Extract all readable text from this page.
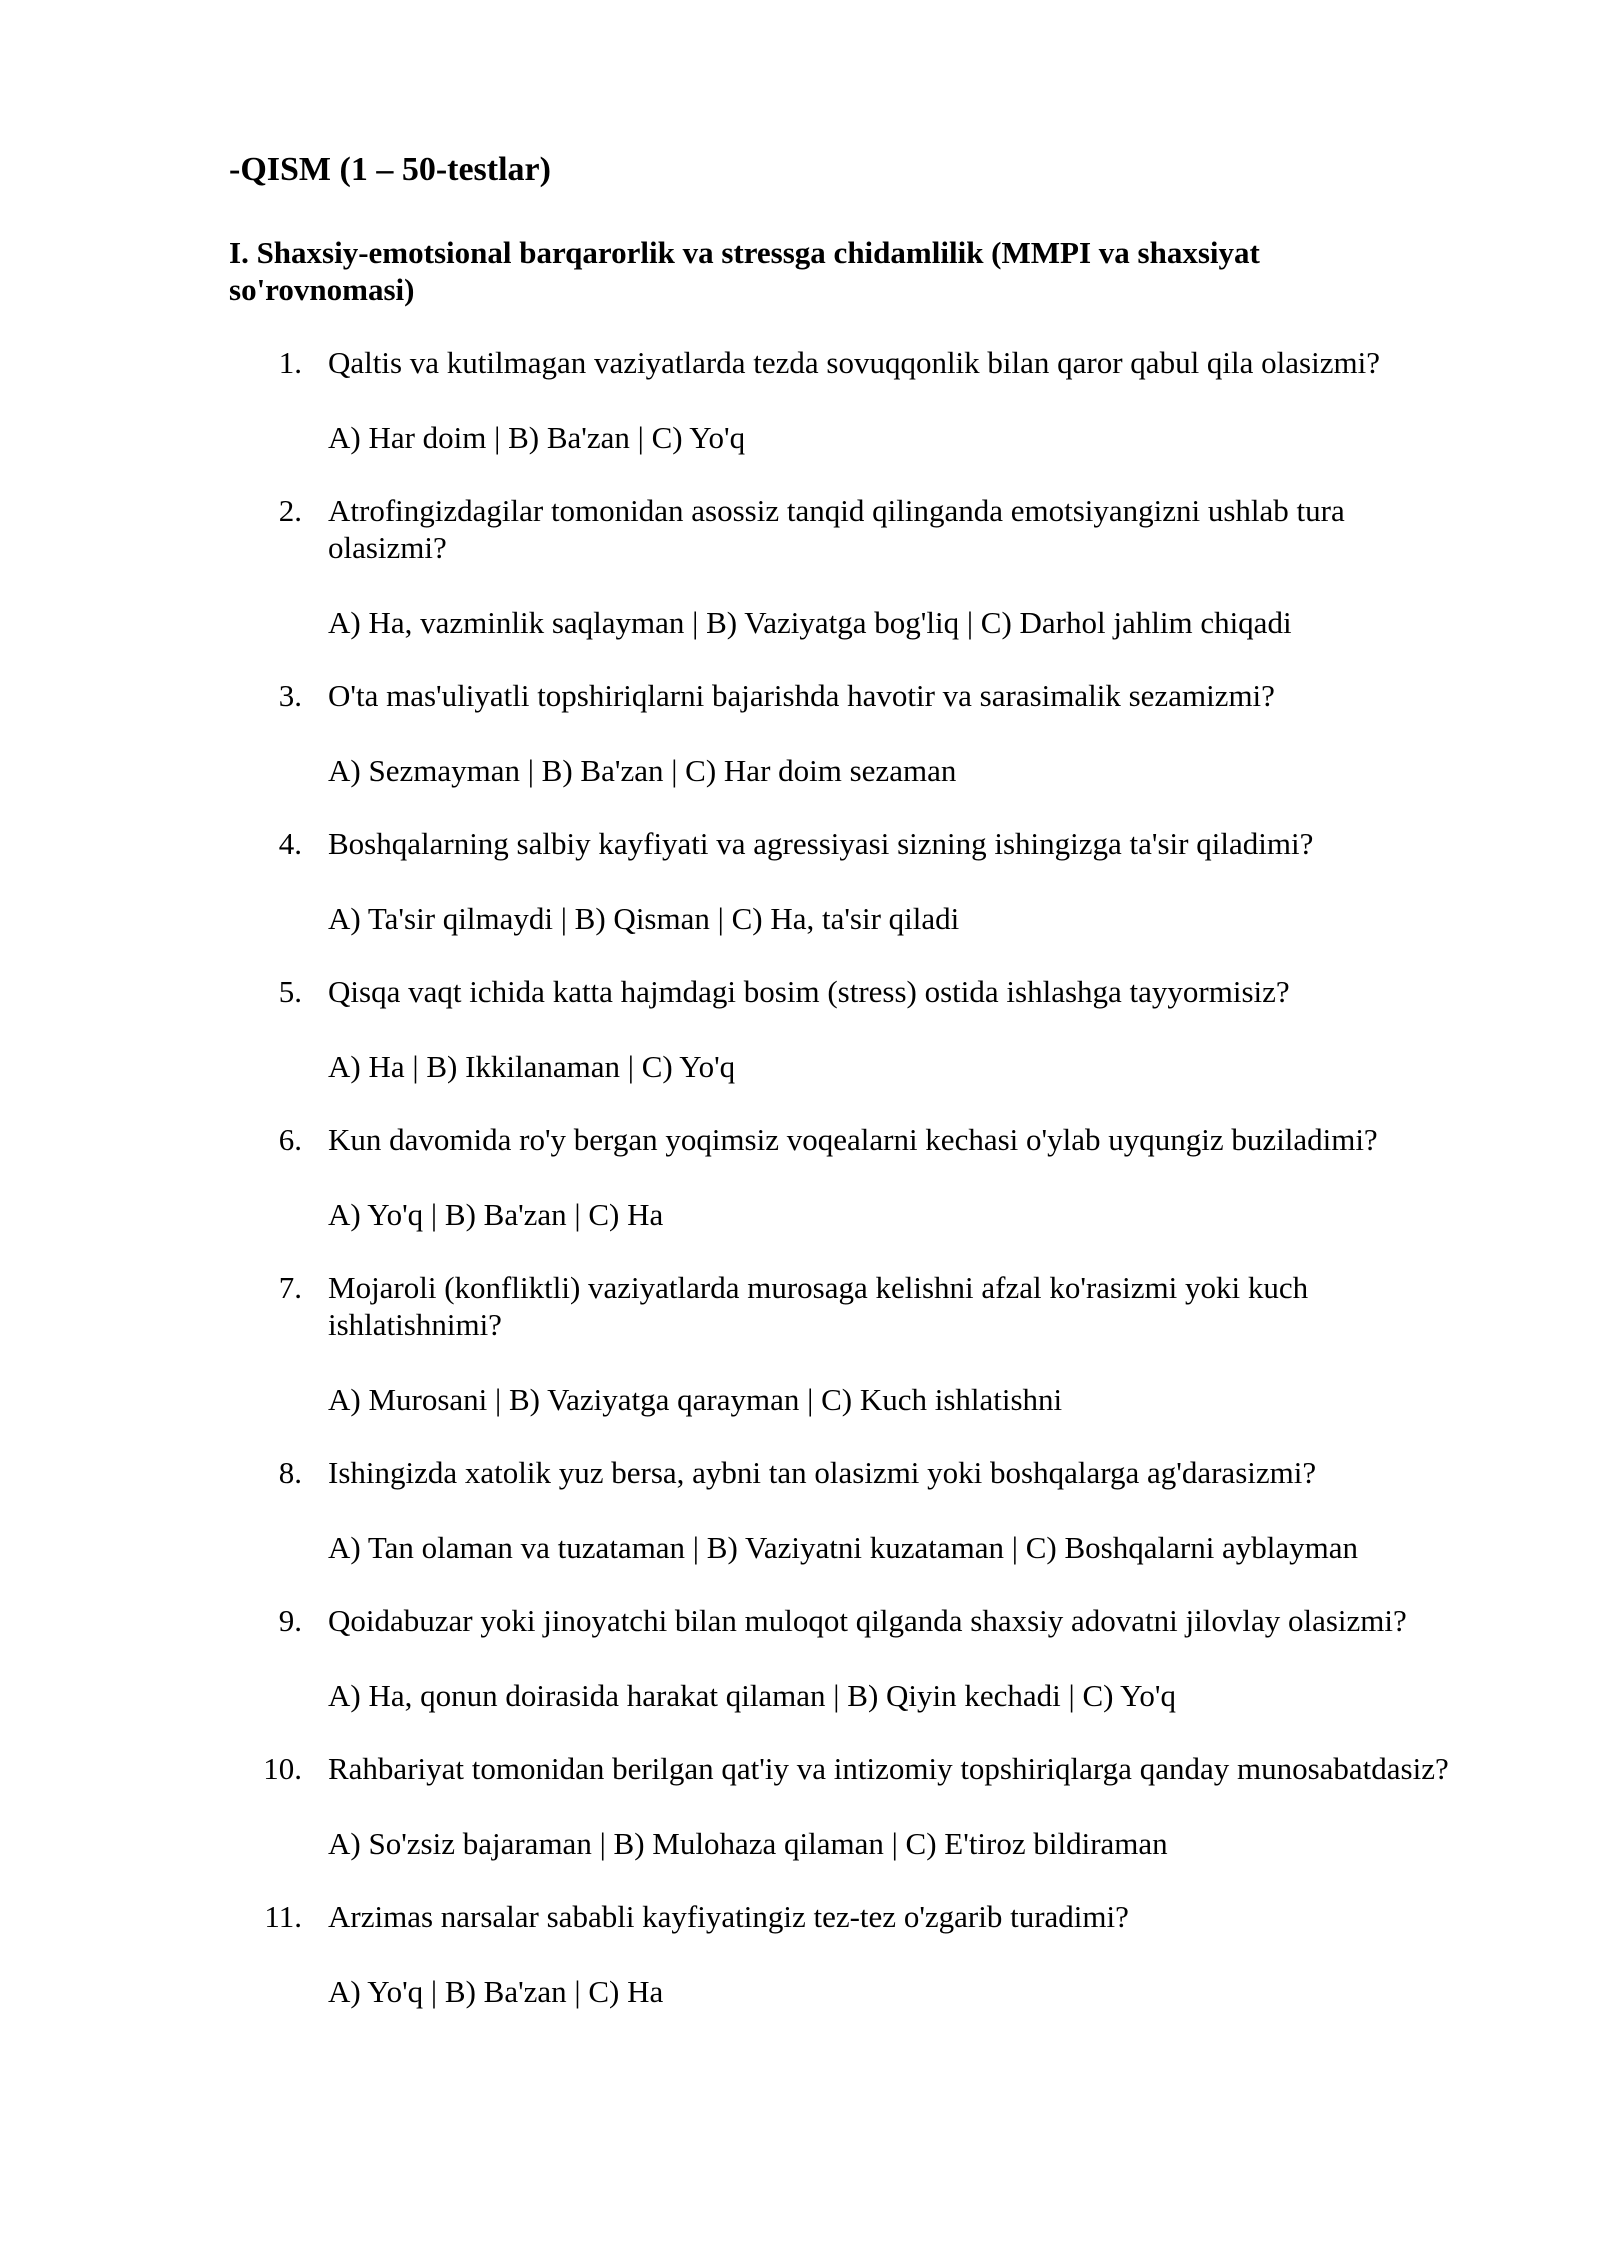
-QISM (1 – 50-testlar)
I. Shaxsiy-emotsional barqarorlik va stressga chidamlilik (MMPI va shaxsiyat so'rovnomasi)
1. Qaltis va kutilmagan vaziyatlarda tezda sovuqqonlik bilan qaror qabul qila olasizmi?
A) Har doim | B) Ba'zan | C) Yo'q
2. Atrofingizdagilar tomonidan asossiz tanqid qilinganda emotsiyangizni ushlab tura olasizmi?
A) Ha, vazminlik saqlayman | B) Vaziyatga bog'liq | C) Darhol jahlim chiqadi
3. O'ta mas'uliyatli topshiriqlarni bajarishda havotir va sarasimalik sezamizmi?
A) Sezmayman | B) Ba'zan | C) Har doim sezaman
4. Boshqalarning salbiy kayfiyati va agressiyasi sizning ishingizga ta'sir qiladimi?
A) Ta'sir qilmaydi | B) Qisman | C) Ha, ta'sir qiladi
5. Qisqa vaqt ichida katta hajmdagi bosim (stress) ostida ishlashga tayyormisiz?
A) Ha | B) Ikkilanaman | C) Yo'q
6. Kun davomida ro'y bergan yoqimsiz voqealarni kechasi o'ylab uyqungiz buziladimi?
A) Yo'q | B) Ba'zan | C) Ha
7. Mojaroli (konfliktli) vaziyatlarda murosaga kelishni afzal ko'rasizmi yoki kuch ishlatishnimi?
A) Murosani | B) Vaziyatga qarayman | C) Kuch ishlatishni
8. Ishingizda xatolik yuz bersa, aybni tan olasizmi yoki boshqalarga ag'darasizmi?
A) Tan olaman va tuzataman | B) Vaziyatni kuzataman | C) Boshqalarni ayblayman
9. Qoidabuzar yoki jinoyatchi bilan muloqot qilganda shaxsiy adovatni jilovlay olasizmi?
A) Ha, qonun doirasida harakat qilaman | B) Qiyin kechadi | C) Yo'q
10. Rahbariyat tomonidan berilgan qat'iy va intizomiy topshiriqlarga qanday munosabatdasiz?
A) So'zsiz bajaraman | B) Mulohaza qilaman | C) E'tiroz bildiraman
11. Arzimas narsalar sababli kayfiyatingiz tez-tez o'zgarib turadimi?
A) Yo'q | B) Ba'zan | C) Ha
